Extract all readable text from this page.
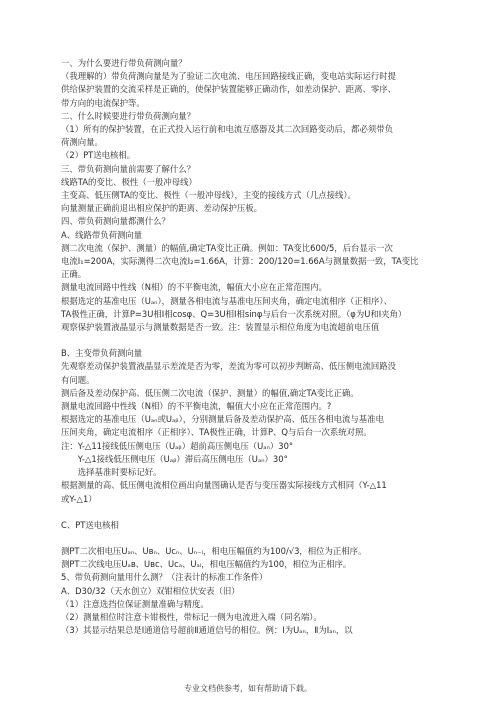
一、为什么要进行带负荷测向量？
（我理解的）带负荷测向量是为了验证二次电流、电压回路接线正确，变电站实际运行时提
供给保护装置的交流采样是正确的，使保护装置能够正确动作，如差动保护、距离、零序、
带方向的电流保护等。
二、什么时候要进行带负荷测向量？
（1）所有的保护装置，在正式投入运行前和电流互感器及其二次回路变动后，都必须带负
荷测向量。
（2）PT送电核相。
三、带负荷测向量前需要了解什么？
线路TA的变比、极性（一般冲母线）
主变高、低压侧TA的变比、极性（一般冲母线），主变的接线方式（几点接线）。
向量测量正确前退出相应保护的距离、差动保护压板。
四、带负荷测向量都测什么？
A、线路带负荷测向量
测二次电流（保护、测量）的幅值,确定TA变比正确。例如：TA变比600/5，后台显示一次
电流I₁=200A，实际测得二次电流I₂=1.66A，计算：200/120=1.66A与测量数据一致，TA变比
正确。
测量电流回路中性线（N相）的不平衡电流，幅值大小应在正常范围内。
根据选定的基准电压（Uₐₙ），测量各相电流与基准电压间夹角，确定电流相序（正相序）、
TA极性正确，计算P=3U相I相cosφ、Q=3U相I相sinφ与后台一次系统对照。（φ为U和I夹角）
观察保护装置液晶显示与测量数据是否一致。注：装置显示相位角度为电流超前电压值
B、主变带负荷测向量
先观察差动保护装置液晶显示差流是否为零，差流为零可以初步判断高、低压侧电流回路没
有问题。
测后备及差动保护高、低压侧二次电流（保护、测量）的幅值,确定TA变比正确。
测量电流回路中性线（N相）的不平衡电流，幅值大小应在正常范围内。?
根据选定的基准电压（Uₐₙ或Uₐᵦ），分别测量后备及差动保护高、低压各相电流与基准电
压间夹角，确定电流相序（正相序）、TA极性正确，计算P、Q与后台一次系统对照。
注：Y-△11接线低压侧电压（Uₐᵦ）超前高压侧电压（Uₐₙ）30°
　　Y-△1接线低压侧电压（Uₐᵦ）滞后高压侧电压（Uₐₙ）30°
　　选择基准时要标记好。
根据测量的高、低压侧电流相位画出向量图确认是否与变压器实际接线方式相同（Y-△11
或Y-△1）
C、PT送电核相
测PT二次相电压Uₐₙ、Uʙₙ、Uᴄₙ、Uₙ₋ₗ，相电压幅值约为100/√3，相位为正相序。
测PT二次线电压Uₐʙ、Uʙᴄ、Uᴄₐ、Uₐₗ，相电压幅值约为100，相位为正相序。
5、带负荷测向量用什么测？（注表计的标准工作条件）
A、D30/32（天水创立）双钳相位伏安表（旧）
（1）注意选挡位保证测量准确与精度。
（2）测量相位时注意卡钳极性，带标记一侧为电流进入端（同名端）。
（3）其显示结果总是Ⅰ通道信号超前Ⅱ通道信号的相位。例：Ⅰ为Uₐₙ，Ⅱ为Iₐₙ，以
专业文档供参考，如有帮助请下载。
